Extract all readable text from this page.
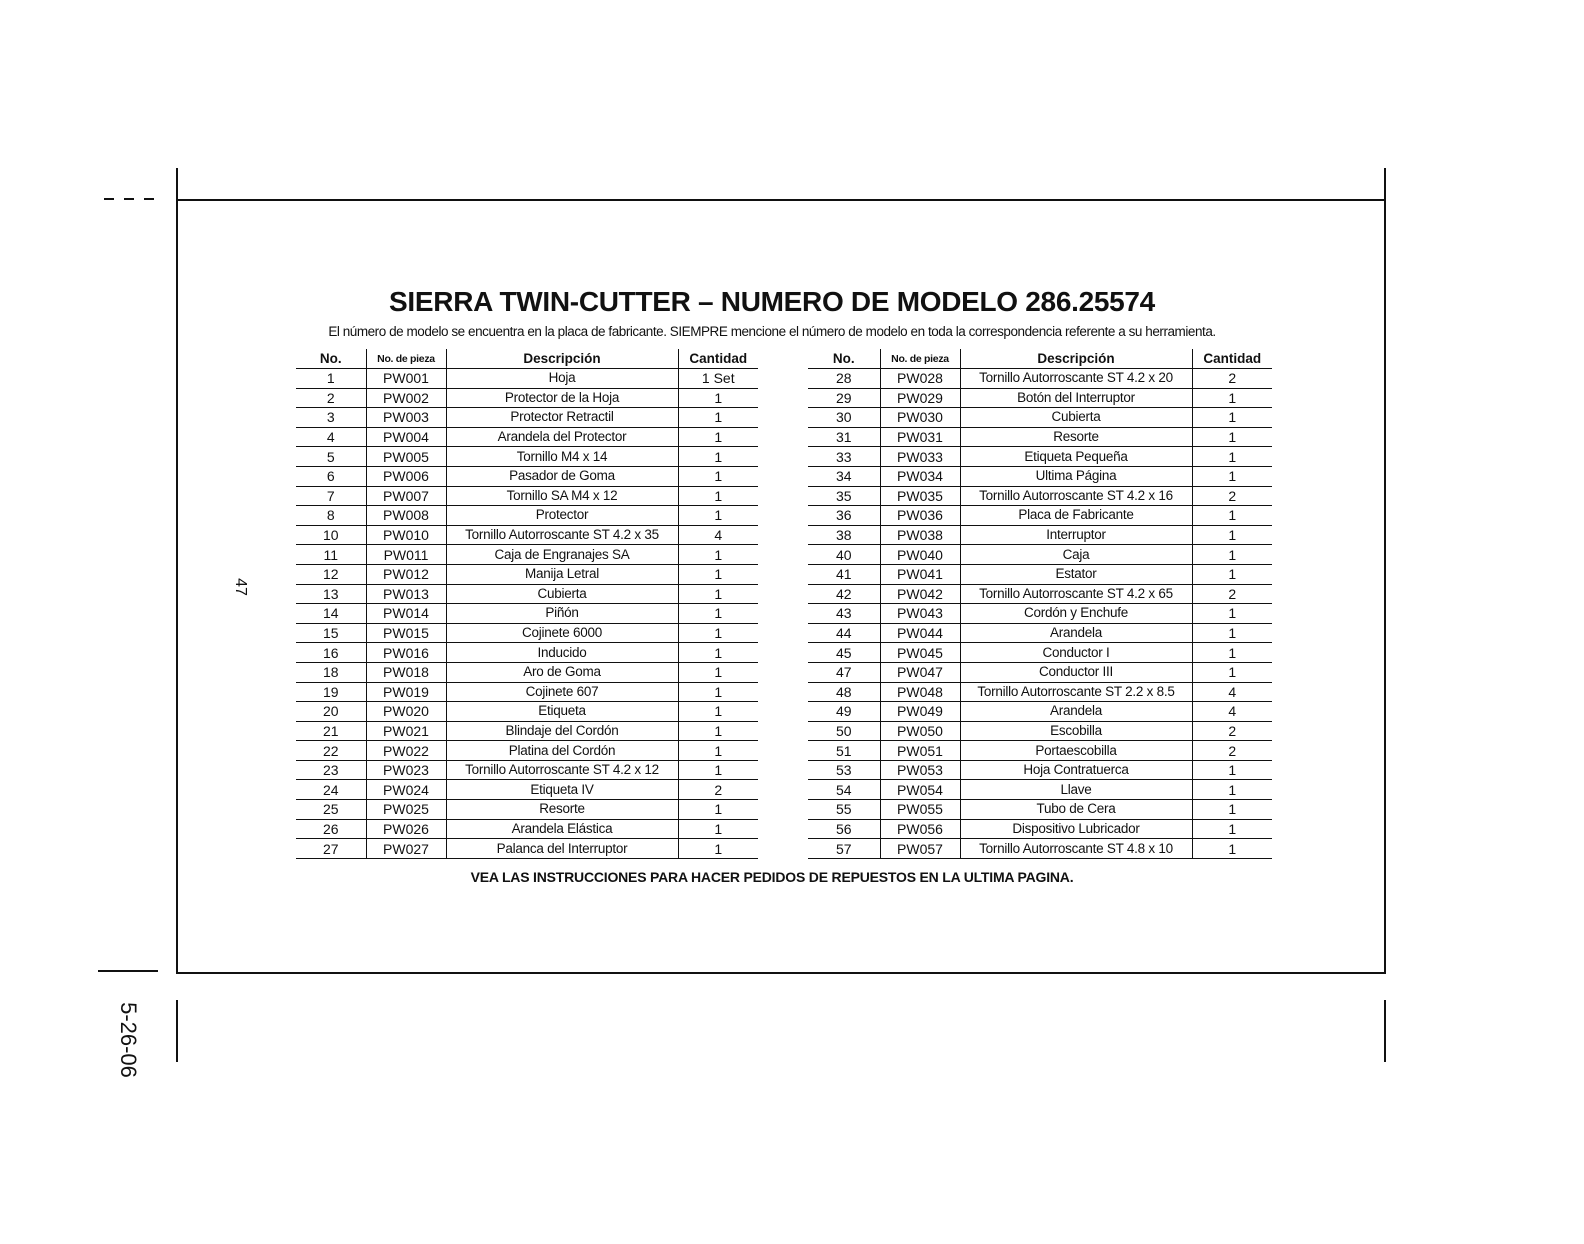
47
5-26-06
SIERRA TWIN-CUTTER – NUMERO DE MODELO 286.25574

El número de modelo se encuentra en la placa de fabricante. SIEMPRE mencione el número de modelo en toda la correspondencia referente a su herramienta.

No.	No. de pieza	Descripción	Cantidad
1	PW001	Hoja	1 Set
2	PW002	Protector de la Hoja	1
3	PW003	Protector Retractil	1
4	PW004	Arandela del Protector	1
5	PW005	Tornillo M4 x 14	1
6	PW006	Pasador de Goma	1
7	PW007	Tornillo SA M4 x 12	1
8	PW008	Protector	1
10	PW010	Tornillo Autorroscante ST 4.2 x 35	4
11	PW011	Caja de Engranajes SA	1
12	PW012	Manija Letral	1
13	PW013	Cubierta	1
14	PW014	Piñón	1
15	PW015	Cojinete 6000	1
16	PW016	Inducido	1
18	PW018	Aro de Goma	1
19	PW019	Cojinete 607	1
20	PW020	Etiqueta	1
21	PW021	Blindaje del Cordón	1
22	PW022	Platina del Cordón	1
23	PW023	Tornillo Autorroscante ST 4.2 x 12	1
24	PW024	Etiqueta IV	2
25	PW025	Resorte	1
26	PW026	Arandela Elástica	1
27	PW027	Palanca del Interruptor	1
No.	No. de pieza	Descripción	Cantidad
28	PW028	Tornillo Autorroscante ST 4.2 x 20	2
29	PW029	Botón del Interruptor	1
30	PW030	Cubierta	1
31	PW031	Resorte	1
33	PW033	Etiqueta Pequeña	1
34	PW034	Ultima Página	1
35	PW035	Tornillo Autorroscante ST 4.2 x 16	2
36	PW036	Placa de Fabricante	1
38	PW038	Interruptor	1
40	PW040	Caja	1
41	PW041	Estator	1
42	PW042	Tornillo Autorroscante ST 4.2 x 65	2
43	PW043	Cordón y Enchufe	1
44	PW044	Arandela	1
45	PW045	Conductor I	1
47	PW047	Conductor III	1
48	PW048	Tornillo Autorroscante ST 2.2 x 8.5	4
49	PW049	Arandela	4
50	PW050	Escobilla	2
51	PW051	Portaescobilla	2
53	PW053	Hoja Contratuerca	1
54	PW054	Llave	1
55	PW055	Tubo de Cera	1
56	PW056	Dispositivo Lubricador	1
57	PW057	Tornillo Autorroscante ST 4.8 x 10	1

VEA LAS INSTRUCCIONES PARA HACER PEDIDOS DE REPUESTOS EN LA ULTIMA PAGINA.
